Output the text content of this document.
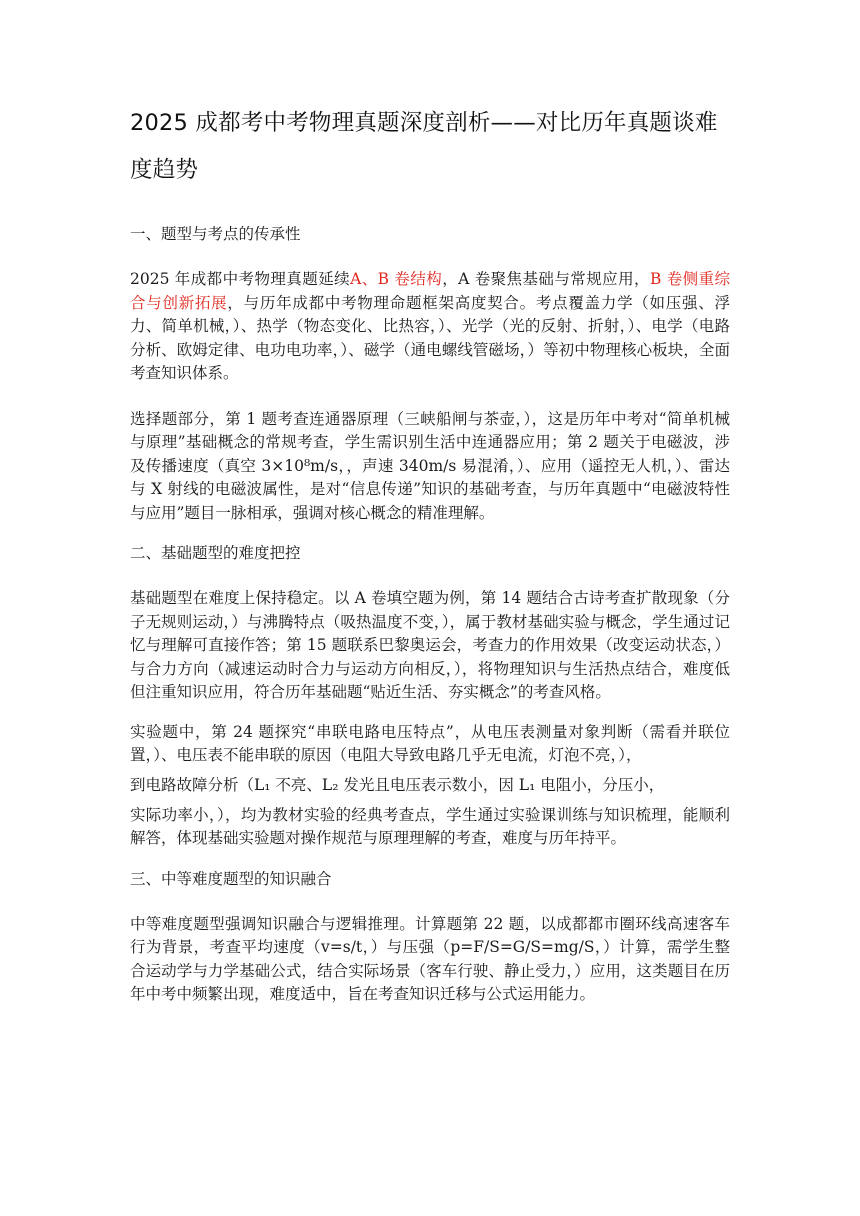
2025 成都考中考物理真题深度剖析——对比历年真题谈难
度趋势

一、题型与考点的传承性

2025 年成都中考物理真题延续A、B 卷结构，A 卷聚焦基础与常规应用，B 卷侧重综合与创新拓展，与历年成都中考物理命题框架高度契合。考点覆盖力学（如压强、浮力、简单机械，）、热学（物态变化、比热容，）、光学（光的反射、折射，）、电学（电路分析、欧姆定律、电功电功率，）、磁学（通电螺线管磁场，）等初中物理核心板块，全面考查知识体系。

选择题部分，第 1 题考查连通器原理（三峡船闸与茶壶，），这是历年中考对“简单机械与原理”基础概念的常规考查，学生需识别生活中连通器应用；第 2 题关于电磁波，涉及传播速度（真空 3×10⁸m/s，，声速 340m/s 易混淆，）、应用（遥控无人机，）、雷达与 X 射线的电磁波属性，是对“信息传递”知识的基础考查，与历年真题中“电磁波特性与应用”题目一脉相承，强调对核心概念的精准理解。

二、基础题型的难度把控

基础题型在难度上保持稳定。以 A 卷填空题为例，第 14 题结合古诗考查扩散现象（分子无规则运动，）与沸腾特点（吸热温度不变，），属于教材基础实验与概念，学生通过记忆与理解可直接作答；第 15 题联系巴黎奥运会，考查力的作用效果（改变运动状态，）与合力方向（减速运动时合力与运动方向相反，），将物理知识与生活热点结合，难度低但注重知识应用，符合历年基础题“贴近生活、夯实概念”的考查风格。

实验题中，第 24 题探究“串联电路电压特点”，从电压表测量对象判断（需看并联位置，）、电压表不能串联的原因（电阻大导致电路几乎无电流，灯泡不亮，），

到电路故障分析（L₁ 不亮、L₂ 发光且电压表示数小，因 L₁ 电阻小，分压小，

实际功率小，），均为教材实验的经典考查点，学生通过实验课训练与知识梳理，能顺利解答，体现基础实验题对操作规范与原理理解的考查，难度与历年持平。

三、中等难度题型的知识融合

中等难度题型强调知识融合与逻辑推理。计算题第 22 题，以成都都市圈环线高速客车行为背景，考查平均速度（v=s/t，）与压强（p=F/S=G/S=mg/S，）计算，需学生整合运动学与力学基础公式，结合实际场景（客车行驶、静止受力，）应用，这类题目在历年中考中频繁出现，难度适中，旨在考查知识迁移与公式运用能力。
